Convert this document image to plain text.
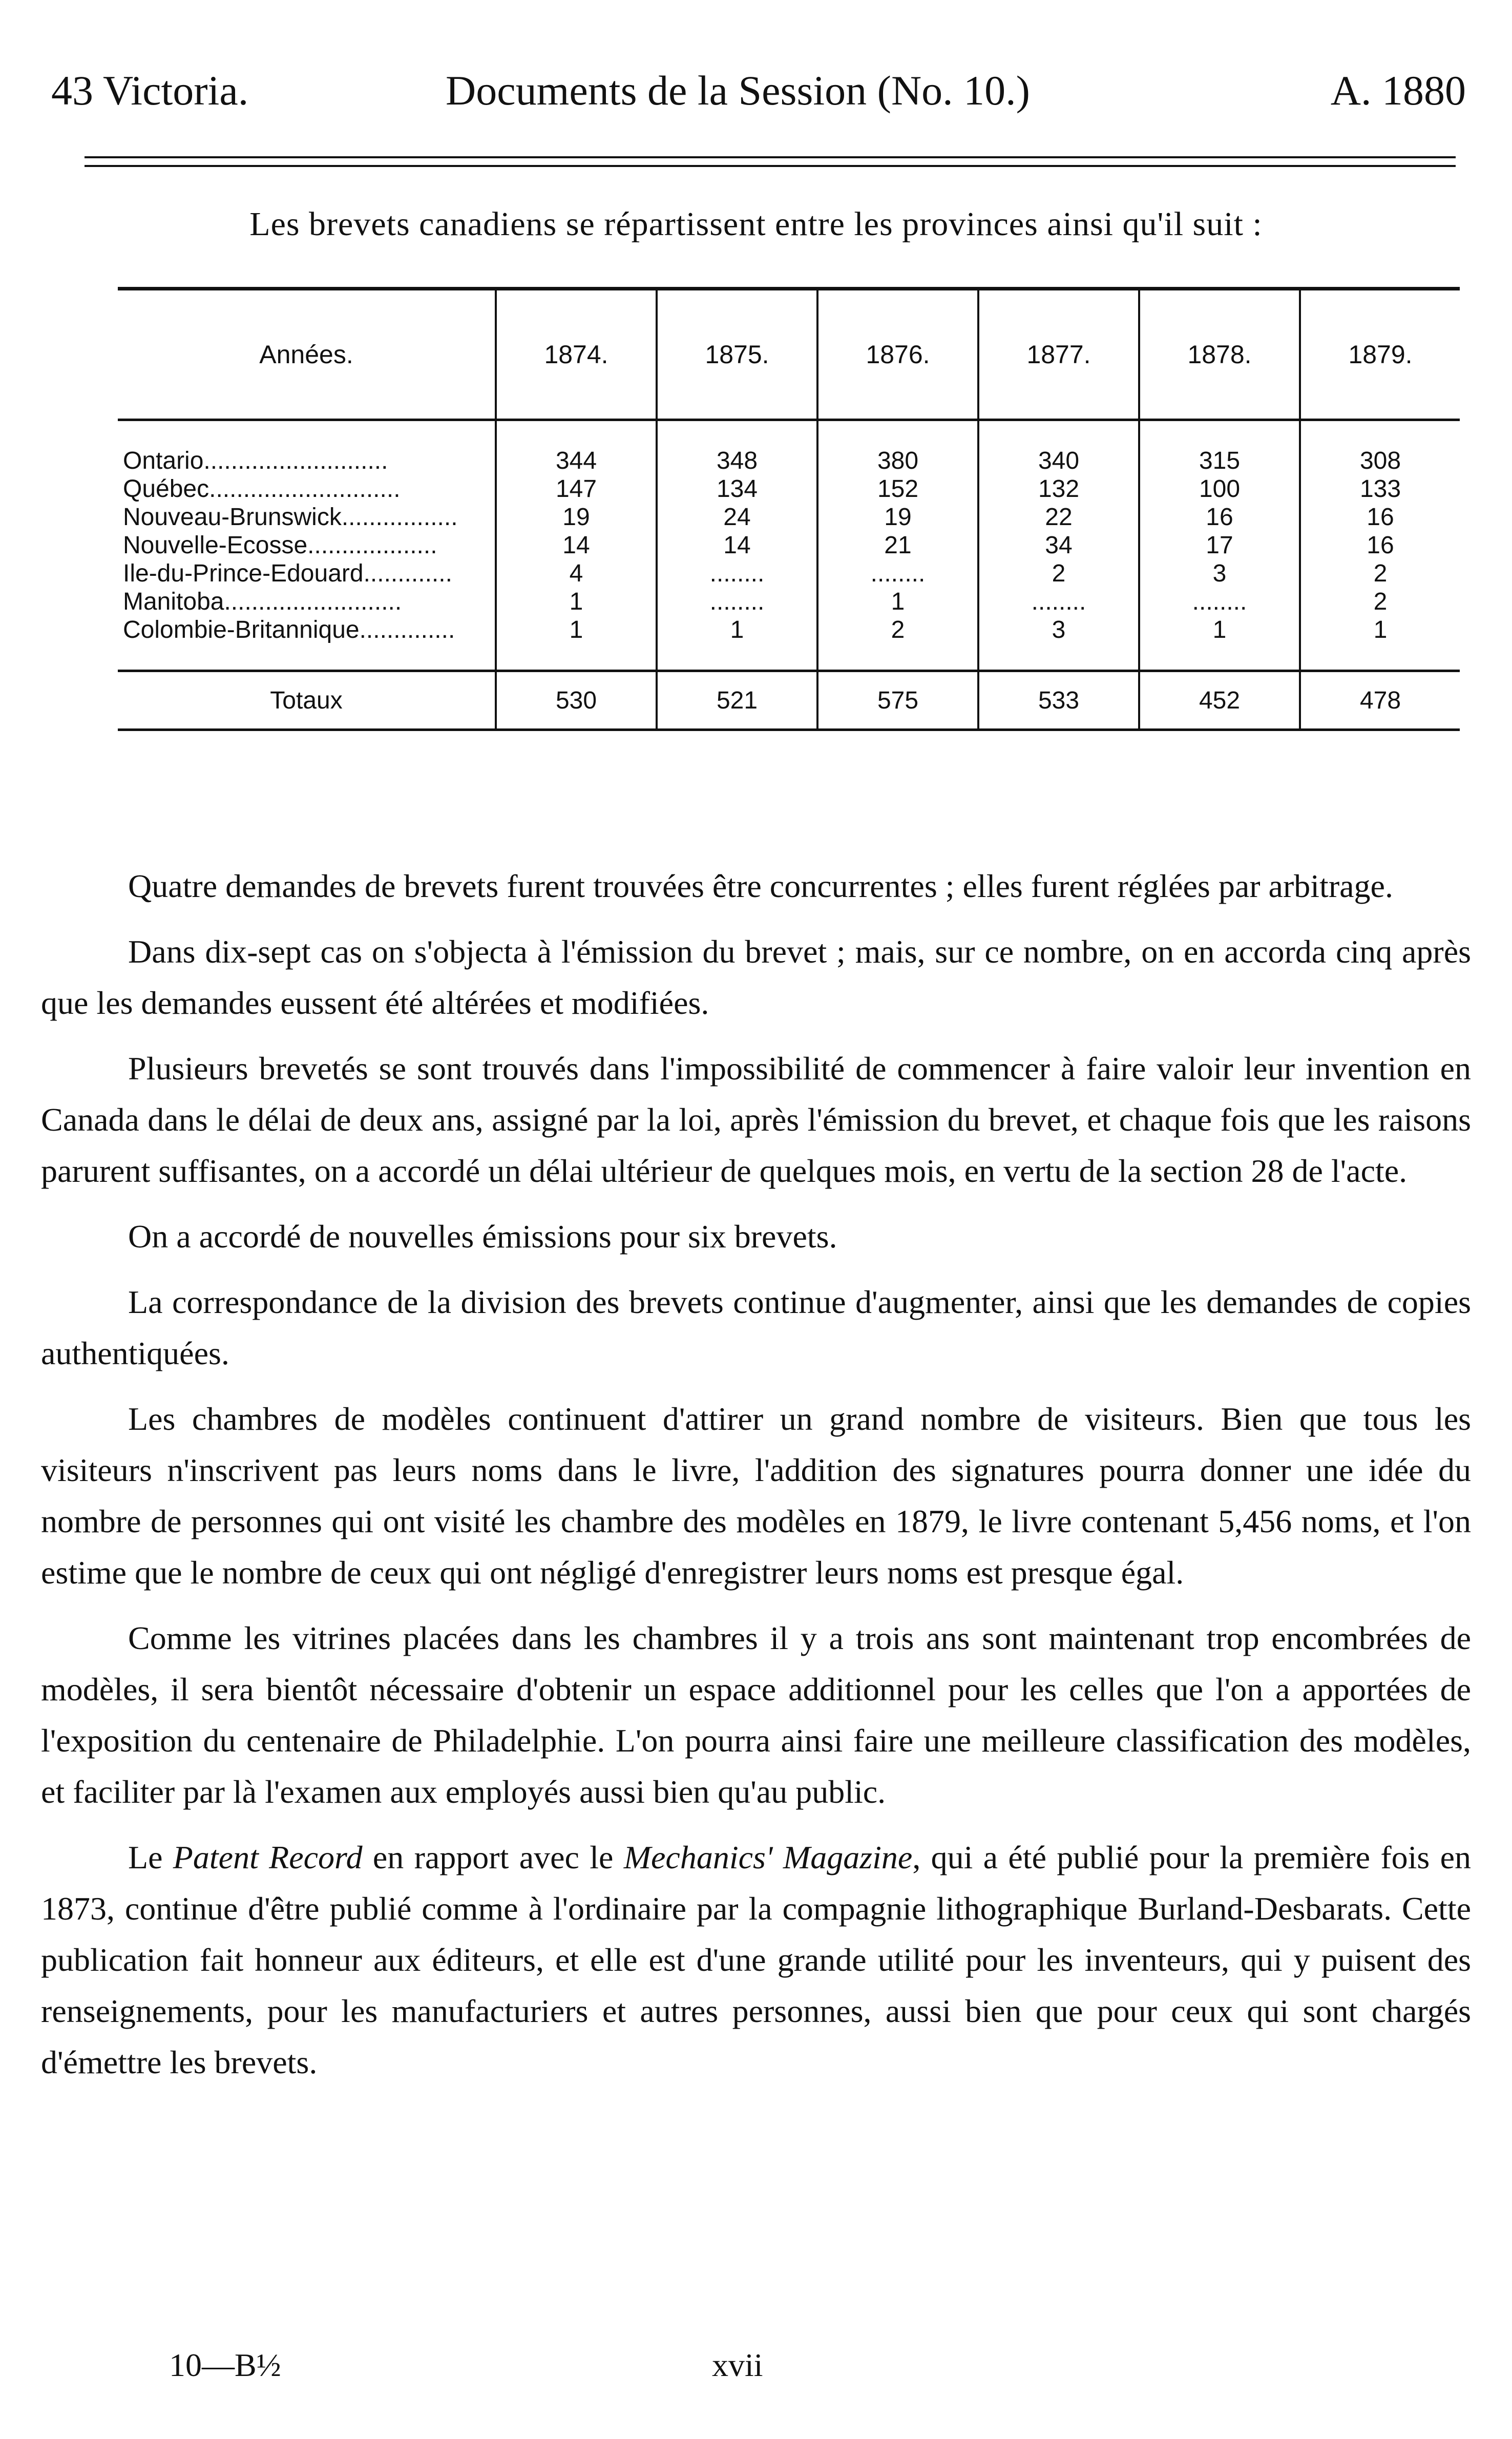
43 Victoria.	Documents de la Session (No. 10.)	A. 1880
Les brevets canadiens se répartissent entre les provinces ainsi qu'il suit :
Années.	1874.	1875.	1876.	1877.	1878.	1879.

Ontario...........................	344	348	380	340	315	308
Québec............................	147	134	152	132	100	133
Nouveau-Brunswick.................	19	24	19	22	16	16
Nouvelle-Ecosse...................	14	14	21	34	17	16
Ile-du-Prince-Edouard.............	4	........	........	2	3	2
Manitoba..........................	1	........	1	........	........	2
Colombie-Britannique..............	1	1	2	3	1	1

Totaux	530	521	575	533	452	478

Quatre demandes de brevets furent trouvées être concurrentes ; elles furent réglées par arbitrage.

Dans dix-sept cas on s'objecta à l'émission du brevet ; mais, sur ce nombre, on en accorda cinq après que les demandes eussent été altérées et modifiées.

Plusieurs brevetés se sont trouvés dans l'impossibilité de commencer à faire valoir leur invention en Canada dans le délai de deux ans, assigné par la loi, après l'émission du brevet, et chaque fois que les raisons parurent suffisantes, on a accordé un délai ultérieur de quelques mois, en vertu de la section 28 de l'acte.

On a accordé de nouvelles émissions pour six brevets.

La correspondance de la division des brevets continue d'augmenter, ainsi que les demandes de copies authentiquées.

Les chambres de modèles continuent d'attirer un grand nombre de visiteurs. Bien que tous les visiteurs n'inscrivent pas leurs noms dans le livre, l'addition des signatures pourra donner une idée du nombre de personnes qui ont visité les chambre des modèles en 1879, le livre contenant 5,456 noms, et l'on estime que le nombre de ceux qui ont négligé d'enregistrer leurs noms est presque égal.

Comme les vitrines placées dans les chambres il y a trois ans sont maintenant trop encombrées de modèles, il sera bientôt nécessaire d'obtenir un espace additionnel pour les celles que l'on a apportées de l'exposition du centenaire de Philadelphie. L'on pourra ainsi faire une meilleure classification des modèles, et faciliter par là l'examen aux employés aussi bien qu'au public.

Le Patent Record en rapport avec le Mechanics' Magazine, qui a été publié pour la première fois en 1873, continue d'être publié comme à l'ordinaire par la compagnie lithographique Burland-Desbarats. Cette publication fait honneur aux éditeurs, et elle est d'une grande utilité pour les inventeurs, qui y puisent des renseignements, pour les manufacturiers et autres personnes, aussi bien que pour ceux qui sont chargés d'émettre les brevets.

10—B½	xvii
